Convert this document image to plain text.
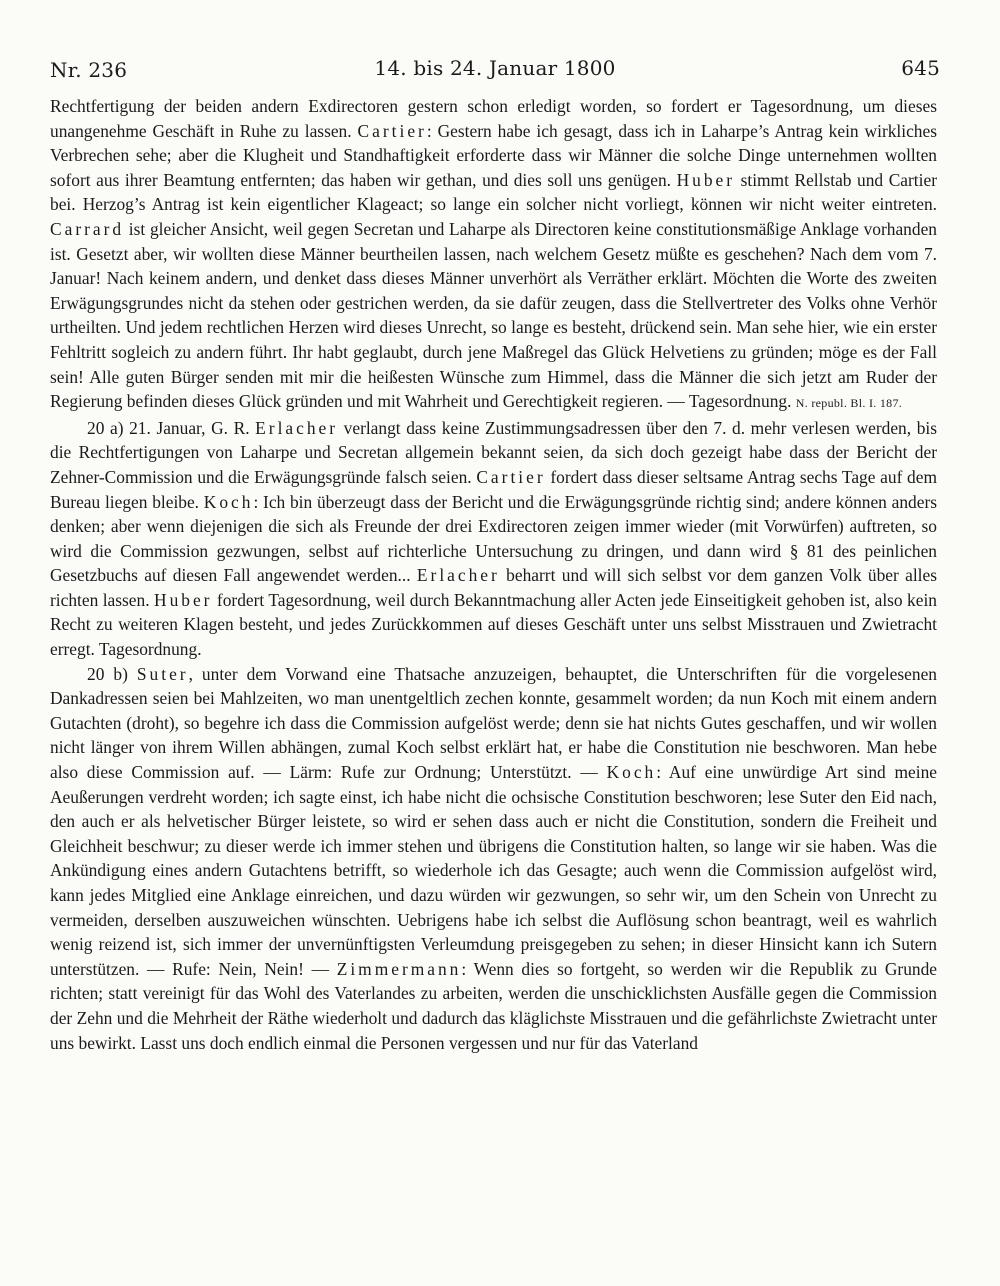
Nr. 236	14. bis 24. Januar 1800	645

Rechtfertigung der beiden andern Exdirectoren gestern schon erledigt worden, so fordert er Tagesordnung, um dieses unangenehme Geschäft in Ruhe zu lassen. Cartier: Gestern habe ich gesagt, dass ich in Laharpe’s Antrag kein wirkliches Verbrechen sehe; aber die Klugheit und Standhaftigkeit erforderte dass wir Männer die solche Dinge unternehmen wollten sofort aus ihrer Beamtung entfernten; das haben wir gethan, und dies soll uns genügen. Huber stimmt Rellstab und Cartier bei. Herzog’s Antrag ist kein eigentlicher Klageact; so lange ein solcher nicht vorliegt, können wir nicht weiter eintreten. Carrard ist gleicher Ansicht, weil gegen Secretan und Laharpe als Directoren keine constitutionsmäßige Anklage vorhanden ist. Gesetzt aber, wir wollten diese Männer beurtheilen lassen, nach welchem Gesetz müßte es geschehen? Nach dem vom 7. Januar! Nach keinem andern, und denket dass dieses Männer unverhört als Verräther erklärt. Möchten die Worte des zweiten Erwägungsgrundes nicht da stehen oder gestrichen werden, da sie dafür zeugen, dass die Stellvertreter des Volks ohne Verhör urtheilten. Und jedem rechtlichen Herzen wird dieses Unrecht, so lange es besteht, drückend sein. Man sehe hier, wie ein erster Fehltritt sogleich zu andern führt. Ihr habt geglaubt, durch jene Maßregel das Glück Helvetiens zu gründen; möge es der Fall sein! Alle guten Bürger senden mit mir die heißesten Wünsche zum Himmel, dass die Männer die sich jetzt am Ruder der Regierung befinden dieses Glück gründen und mit Wahrheit und Gerechtigkeit regieren. — Tagesordnung. N. republ. Bl. I. 187.

20 a) 21. Januar, G. R. Erlacher verlangt dass keine Zustimmungsadressen über den 7. d. mehr verlesen werden, bis die Rechtfertigungen von Laharpe und Secretan allgemein bekannt seien, da sich doch gezeigt habe dass der Bericht der Zehner-Commission und die Erwägungsgründe falsch seien. Cartier fordert dass dieser seltsame Antrag sechs Tage auf dem Bureau liegen bleibe. Koch: Ich bin überzeugt dass der Bericht und die Erwägungsgründe richtig sind; andere können anders denken; aber wenn diejenigen die sich als Freunde der drei Exdirectoren zeigen immer wieder (mit Vorwürfen) auftreten, so wird die Commission gezwungen, selbst auf richterliche Untersuchung zu dringen, und dann wird § 81 des peinlichen Gesetzbuchs auf diesen Fall angewendet werden... Erlacher beharrt und will sich selbst vor dem ganzen Volk über alles richten lassen. Huber fordert Tagesordnung, weil durch Bekanntmachung aller Acten jede Einseitigkeit gehoben ist, also kein Recht zu weiteren Klagen besteht, und jedes Zurückkommen auf dieses Geschäft unter uns selbst Misstrauen und Zwietracht erregt. Tagesordnung.

20 b) Suter, unter dem Vorwand eine Thatsache anzuzeigen, behauptet, die Unterschriften für die vorgelesenen Dankadressen seien bei Mahlzeiten, wo man unentgeltlich zechen konnte, gesammelt worden; da nun Koch mit einem andern Gutachten (droht), so begehre ich dass die Commission aufgelöst werde; denn sie hat nichts Gutes geschaffen, und wir wollen nicht länger von ihrem Willen abhängen, zumal Koch selbst erklärt hat, er habe die Constitution nie beschworen. Man hebe also diese Commission auf. — Lärm: Rufe zur Ordnung; Unterstützt. — Koch: Auf eine unwürdige Art sind meine Aeußerungen verdreht worden; ich sagte einst, ich habe nicht die ochsische Constitution beschworen; lese Suter den Eid nach, den auch er als helvetischer Bürger leistete, so wird er sehen dass auch er nicht die Constitution, sondern die Freiheit und Gleichheit beschwur; zu dieser werde ich immer stehen und übrigens die Constitution halten, so lange wir sie haben. Was die Ankündigung eines andern Gutachtens betrifft, so wiederhole ich das Gesagte; auch wenn die Commission aufgelöst wird, kann jedes Mitglied eine Anklage einreichen, und dazu würden wir gezwungen, so sehr wir, um den Schein von Unrecht zu vermeiden, derselben auszuweichen wünschten. Uebrigens habe ich selbst die Auflösung schon beantragt, weil es wahrlich wenig reizend ist, sich immer der unvernünftigsten Verleumdung preisgegeben zu sehen; in dieser Hinsicht kann ich Sutern unterstützen. — Rufe: Nein, Nein! — Zimmermann: Wenn dies so fortgeht, so werden wir die Republik zu Grunde richten; statt vereinigt für das Wohl des Vaterlandes zu arbeiten, werden die unschicklichsten Ausfälle gegen die Commission der Zehn und die Mehrheit der Räthe wiederholt und dadurch das kläglichste Misstrauen und die gefährlichste Zwietracht unter uns bewirkt. Lasst uns doch endlich einmal die Personen vergessen und nur für das Vaterland
